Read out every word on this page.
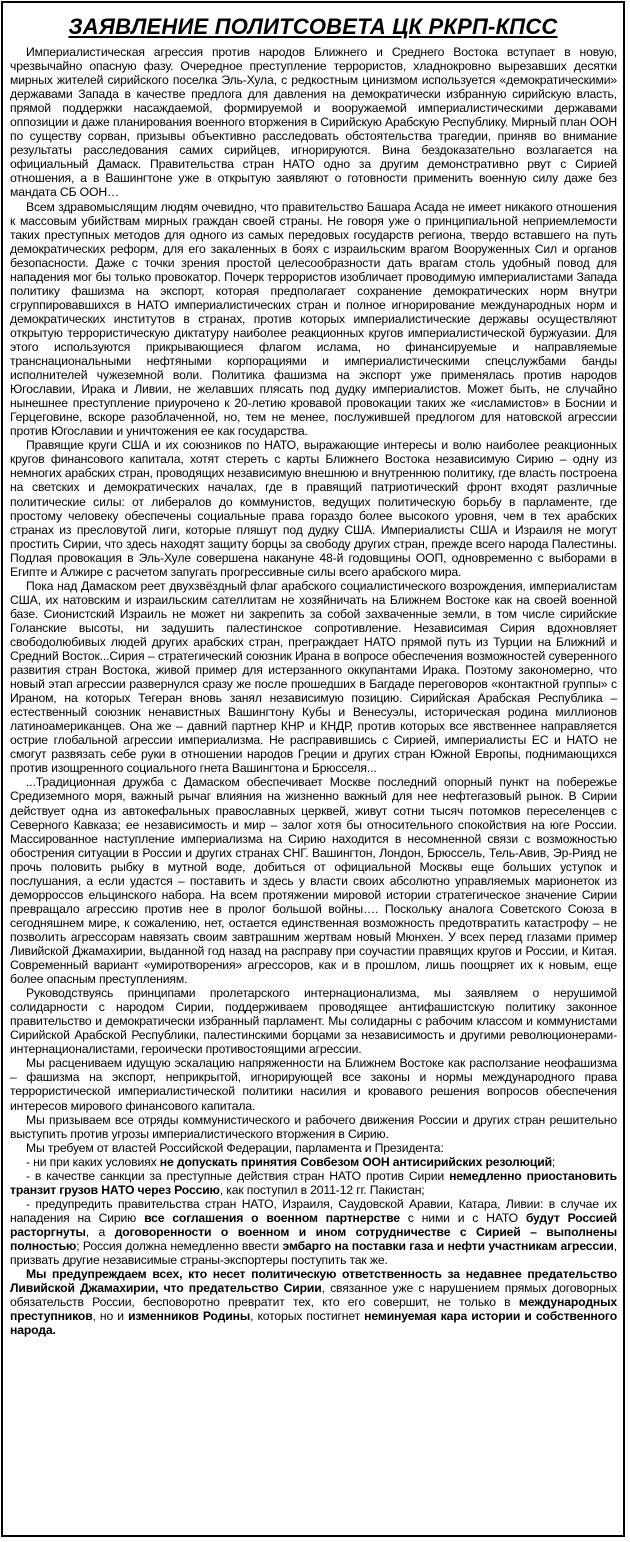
ЗАЯВЛЕНИЕ ПОЛИТСОВЕТА ЦК РКРП-КПСС

Империалистическая агрессия против народов Ближнего и Среднего Востока вступает в новую, чрезвычайно опасную фазу. Очередное преступление террористов, хладнокровно вырезавших десятки мирных жителей сирийского поселка Эль-Хула, с редкостным цинизмом используется «демократическими» державами Запада в качестве предлога для давления на демократически избранную сирийскую власть, прямой поддержки насаждаемой, формируемой и вооружаемой империалистическими державами оппозиции и даже планирования военного вторжения в Сирийскую Арабскую Республику. Мирный план ООН по существу сорван, призывы объективно расследовать обстоятельства трагедии, приняв во внимание результаты расследования самих сирийцев, игнорируются. Вина бездоказательно возлагается на официальный Дамаск. Правительства стран НАТО одно за другим демонстративно рвут с Сирией отношения, а в Вашингтоне уже в открытую заявляют о готовности применить военную силу даже без мандата СБ ООН…

Всем здравомыслящим людям очевидно, что правительство Башара Асада не имеет никакого отношения к массовым убийствам мирных граждан своей страны. Не говоря уже о принципиальной неприемлемости таких преступных методов для одного из самых передовых государств региона, твердо вставшего на путь демократических реформ, для его закаленных в боях с израильским врагом Вооруженных Сил и органов безопасности. Даже с точки зрения простой целесообразности дать врагам столь удобный повод для нападения мог бы только провокатор. Почерк террористов изобличает проводимую империалистами Запада политику фашизма на экспорт, которая предполагает сохранение демократических норм внутри сгруппировавшихся в НАТО империалистических стран и полное игнорирование международных норм и демократических институтов в странах, против которых империалистические державы осуществляют открытую террористическую диктатуру наиболее реакционных кругов империалистической буржуазии. Для этого используются прикрывающиеся флагом ислама, но финансируемые и направляемые транснациональными нефтяными корпорациями и империалистическими спецслужбами банды исполнителей чужеземной воли. Политика фашизма на экспорт уже применялась против народов Югославии, Ирака и Ливии, не желавших плясать под дудку империалистов. Может быть, не случайно нынешнее преступление приурочено к 20-летию кровавой провокации таких же «исламистов» в Боснии и Герцеговине, вскоре разоблаченной, но, тем не менее, послужившей предлогом для натовской агрессии против Югославии и уничтожения ее как государства.

Правящие круги США и их союзников по НАТО, выражающие интересы и волю наиболее реакционных кругов финансового капитала, хотят стереть с карты Ближнего Востока независимую Сирию – одну из немногих арабских стран, проводящих независимую внешнюю и внутреннюю политику, где власть построена на светских и демократических началах, где в правящий патриотический фронт входят различные политические силы: от либералов до коммунистов, ведущих политическую борьбу в парламенте, где простому человеку обеспечены социальные права гораздо более высокого уровня, чем в тех арабских странах из пресловутой лиги, которые пляшут под дудку США. Империалисты США и Израиля не могут простить Сирии, что здесь находят защиту борцы за свободу других стран, прежде всего народа Палестины. Подлая провокация в Эль-Хуле совершена накануне 48-й годовщины ООП, одновременно с выборами в Египте и Алжире с расчетом запугать прогрессивные силы всего арабского мира.

Пока над Дамаском реет двухзвёздный флаг арабского социалистического возрождения, империалистам США, их натовским и израильским сателлитам не хозяйничать на Ближнем Востоке как на своей военной базе. Сионистский Израиль не может ни закрепить за собой захваченные земли, в том числе сирийские Голанские высоты, ни задушить палестинское сопротивление. Независимая Сирия вдохновляет свободолюбивых людей других арабских стран, преграждает НАТО прямой путь из Турции на Ближний и Средний Восток...Сирия – стратегический союзник Ирана в вопросе обеспечения возможностей суверенного развития стран Востока, живой пример для истерзанного оккупантами Ирака. Поэтому закономерно, что новый этап агрессии развернулся сразу же после прошедших в Багдаде переговоров «контактной группы» с Ираном, на которых Тегеран вновь занял независимую позицию. Сирийская Арабская Республика – естественный союзник ненавистных Вашингтону Кубы и Венесуэлы, историческая родина миллионов латиноамериканцев. Она же – давний партнер КНР и КНДР, против которых все явственнее направляется острие глобальной агрессии империализма. Не расправившись с Сирией, империалисты ЕС и НАТО не смогут развязать себе руки в отношении народов Греции и других стран Южной Европы, поднимающихся против изощренного социального гнета Вашингтона и Брюсселя...

...Традиционная дружба с Дамаском обеспечивает Москве последний опорный пункт на побережье Средиземного моря, важный рычаг влияния на жизненно важный для нее нефтегазовый рынок. В Сирии действует одна из автокефальных православных церквей, живут сотни тысяч потомков переселенцев с Северного Кавказа; ее независимость и мир – залог хотя бы относительного спокойствия на юге России. Массированное наступление империализма на Сирию находится в несомненной связи с возможностью обострения ситуации в России и других странах СНГ. Вашингтон, Лондон, Брюссель, Тель-Авив, Эр-Рияд не прочь половить рыбку в мутной воде, добиться от официальной Москвы еще больших уступок и послушания, а если удастся – поставить и здесь у власти своих абсолютно управляемых марионеток из деморроссов ельцинского набора. На всем протяжении мировой истории стратегическое значение Сирии превращало агрессию против нее в пролог большой войны…. Поскольку аналога Советского Союза в сегодняшнем мире, к сожалению, нет, остается единственная возможность предотвратить катастрофу – не позволить агрессорам навязать своим завтрашним жертвам новый Мюнхен. У всех перед глазами пример Ливийской Джамахирии, выданной год назад на расправу при соучастии правящих кругов и России, и Китая. Современный вариант «умиротворения» агрессоров, как и в прошлом, лишь поощряет их к новым, еще более опасным преступлениям.

Руководствуясь принципами пролетарского интернационализма, мы заявляем о нерушимой солидарности с народом Сирии, поддерживаем проводящее антифашистскую политику законное правительство и демократически избранный парламент. Мы солидарны с рабочим классом и коммунистами Сирийской Арабской Республики, палестинскими борцами за независимость и другими революционерами-интернационалистами, героически противостоящими агрессии.

Мы расцениваем идущую эскалацию напряженности на Ближнем Востоке как расползание неофашизма – фашизма на экспорт, неприкрытой, игнорирующей все законы и нормы международного права террористической империалистической политики насилия и кровавого решения вопросов обеспечения интересов мирового финансового капитала.

Мы призываем все отряды коммунистического и рабочего движения России и других стран решительно выступить против угрозы империалистического вторжения в Сирию.

Мы требуем от властей Российской Федерации, парламента и Президента:

- ни при каких условиях не допускать принятия Совбезом ООН антисирийских резолюций;

- в качестве санкции за преступные действия стран НАТО против Сирии немедленно приостановить транзит грузов НАТО через Россию, как поступил в 2011-12 гг. Пакистан;

- предупредить правительства стран НАТО, Израиля, Саудовской Аравии, Катара, Ливии: в случае их нападения на Сирию все соглашения о военном партнерстве с ними и с НАТО будут Россией расторгнуты, а договоренности о военном и ином сотрудничестве с Сирией – выполнены полностью; Россия должна немедленно ввести эмбарго на поставки газа и нефти участникам агрессии, призвать другие независимые страны-экспортеры поступить так же.

Мы предупреждаем всех, кто несет политическую ответственность за недавнее предательство Ливийской Джамахирии, что предательство Сирии, связанное уже с нарушением прямых договорных обязательств России, бесповоротно превратит тех, кто его совершит, не только в международных преступников, но и изменников Родины, которых постигнет неминуемая кара истории и собственного народа.
